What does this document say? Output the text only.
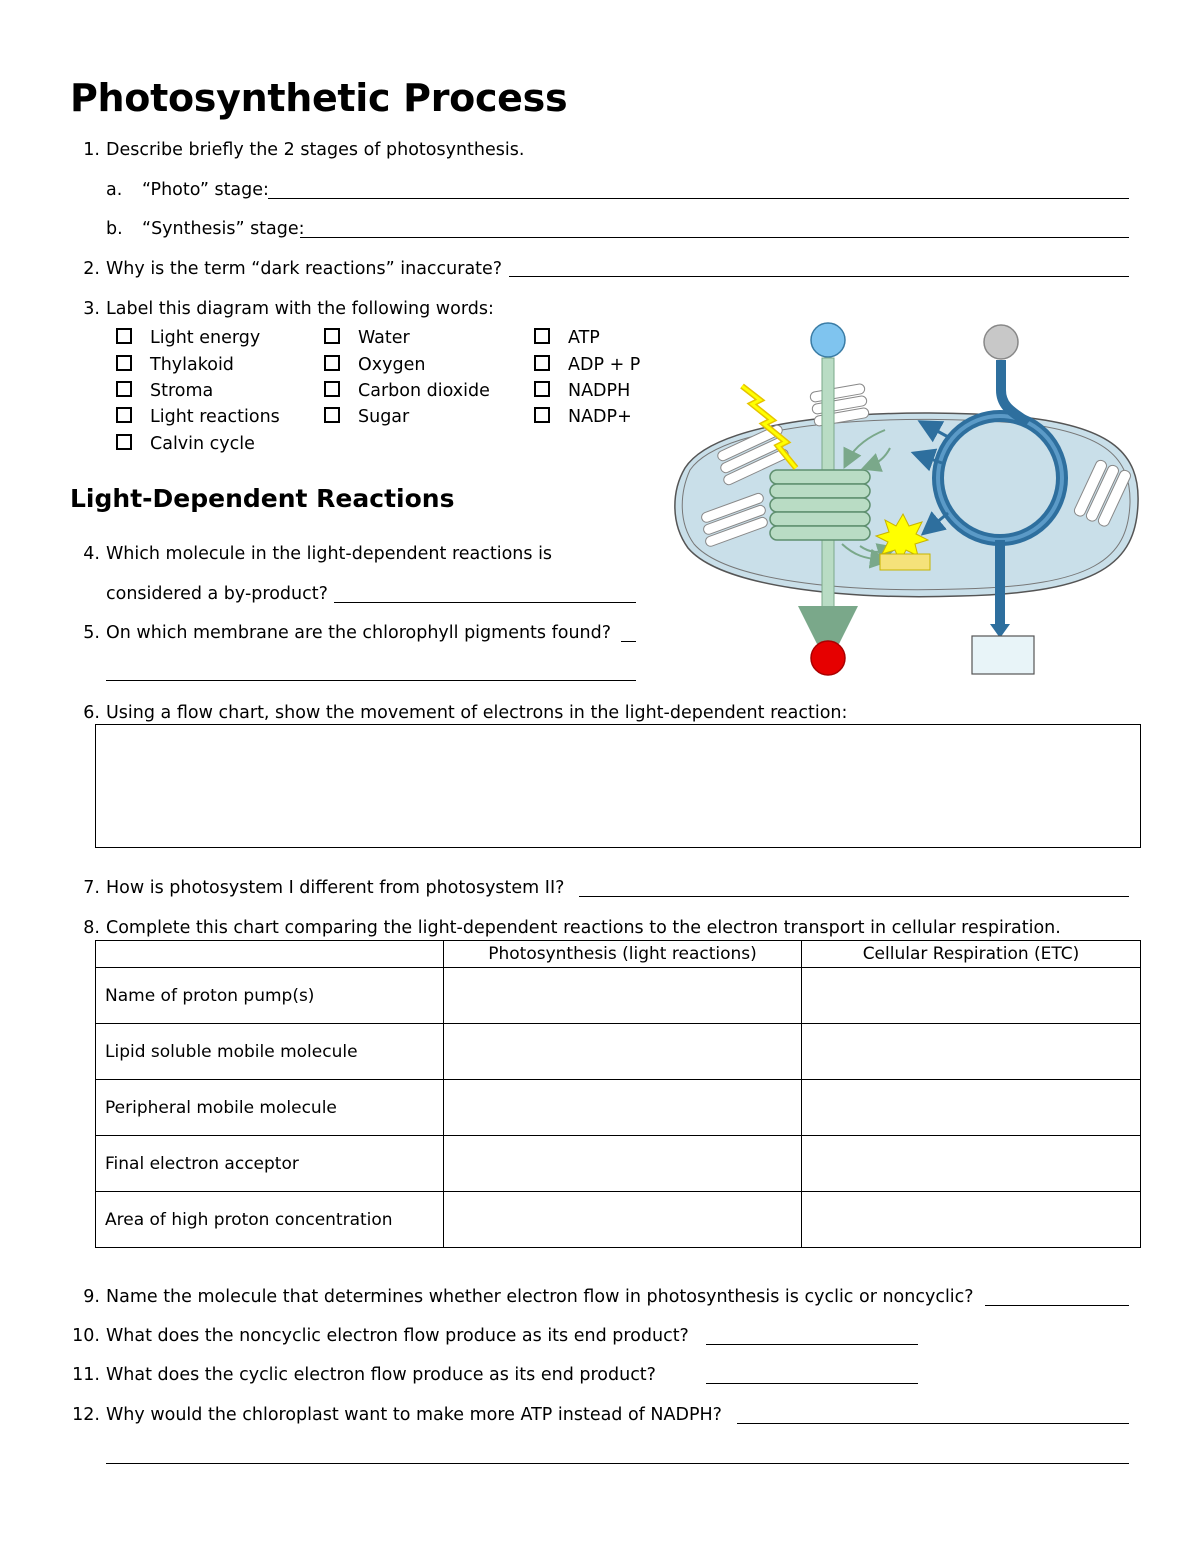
Photosynthetic Process
1. Describe briefly the 2 stages of photosynthesis.
a. “Photo” stage:
b. “Synthesis” stage:
2. Why is the term “dark reactions” inaccurate?
3. Label this diagram with the following words:
Light energy
Thylakoid
Stroma
Light reactions
Calvin cycle
Water
Oxygen
Carbon dioxide
Sugar
ATP
ADP + P
NADPH
NADP+
Light-Dependent Reactions
4. Which molecule in the light-dependent reactions is
considered a by-product?
5. On which membrane are the chlorophyll pigments found?
6. Using a flow chart, show the movement of electrons in the light-dependent reaction:
7. How is photosystem I different from photosystem II?
8. Complete this chart comparing the light-dependent reactions to the electron transport in cellular respiration.
	Photosynthesis (light reactions)	Cellular Respiration (ETC)
Name of proton pump(s)		
Lipid soluble mobile molecule		
Peripheral mobile molecule		
Final electron acceptor		
Area of high proton concentration		
9. Name the molecule that determines whether electron flow in photosynthesis is cyclic or noncyclic?
10. What does the noncyclic electron flow produce as its end product?
11. What does the cyclic electron flow produce as its end product?
12. Why would the chloroplast want to make more ATP instead of NADPH?
